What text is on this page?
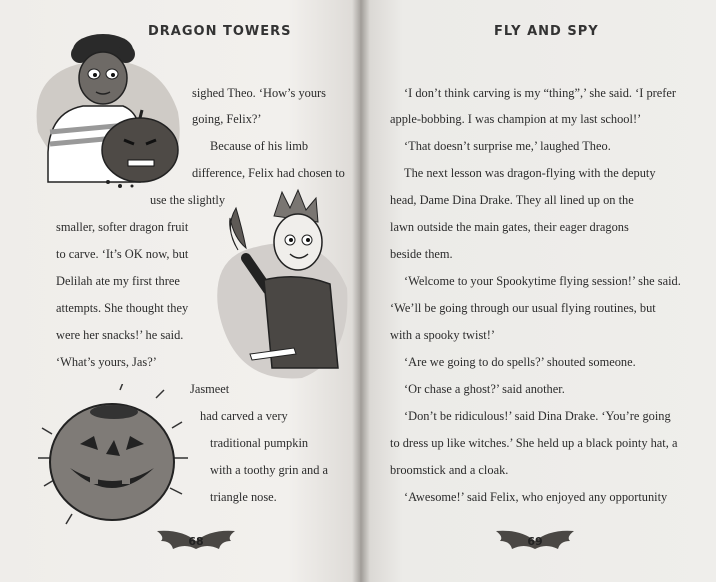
DRAGON TOWERS
sighed Theo. ‘How’s yours
going, Felix?’
Because of his limb
difference, Felix had chosen to
use the slightly
smaller, softer dragon fruit
to carve. ‘It’s OK now, but
Delilah ate my first three
attempts. She thought they
were her snacks!’ he said.
‘What’s yours, Jas?’
Jasmeet
had carved a very
traditional pumpkin
with a toothy grin and a
triangle nose.
68
FLY AND SPY
‘I don’t think carving is my “thing”,’ she said. ‘I prefer
apple-bobbing. I was champion at my last school!’
‘That doesn’t surprise me,’ laughed Theo.
The next lesson was dragon-flying with the deputy
head, Dame Dina Drake. They all lined up on the
lawn outside the main gates, their eager dragons
beside them.
‘Welcome to your Spookytime flying session!’ she said.
‘We’ll be going through our usual flying routines, but
with a spooky twist!’
‘Are we going to do spells?’ shouted someone.
‘Or chase a ghost?’ said another.
‘Don’t be ridiculous!’ said Dina Drake. ‘You’re going
to dress up like witches.’ She held up a black pointy hat, a
broomstick and a cloak.
‘Awesome!’ said Felix, who enjoyed any opportunity
69
